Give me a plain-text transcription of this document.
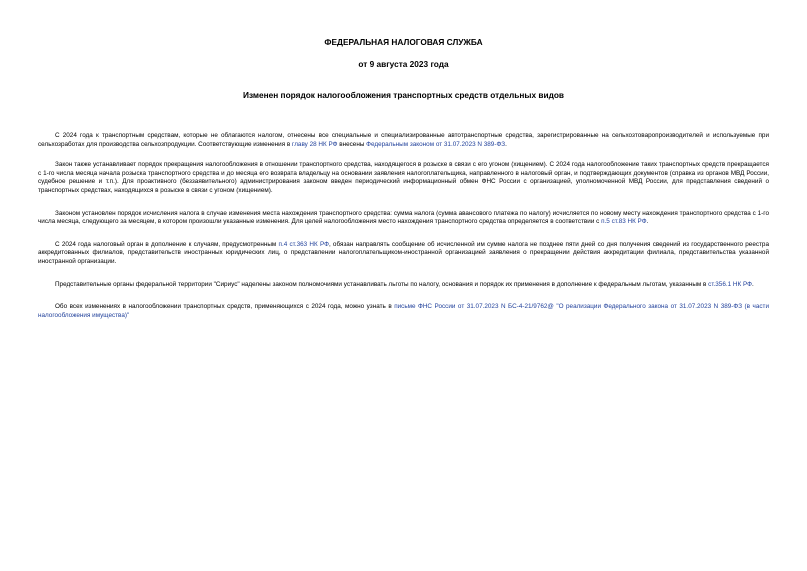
ФЕДЕРАЛЬНАЯ НАЛОГОВАЯ СЛУЖБА
от 9 августа 2023 года
Изменен порядок налогообложения транспортных средств отдельных видов

С 2024 года к транспортным средствам, которые не облагаются налогом, отнесены все специальные и специализированные автотранспортные средства, зарегистрированные на сельхозтоваропроизводителей и используемые при сельхозработах для производства сельхозпродукции. Соответствующие изменения в главу 28 НК РФ внесены Федеральным законом от 31.07.2023 N 389-ФЗ.

Закон также устанавливает порядок прекращения налогообложения в отношении транспортного средства, находящегося в розыске в связи с его угоном (хищением). С 2024 года налогообложение таких транспортных средств прекращается с 1-го числа месяца начала розыска транспортного средства и до месяца его возврата владельцу на основании заявления налогоплательщика, направленного в налоговый орган, и подтверждающих документов (справка из органов МВД России, судебное решение и т.п.). Для проактивного (беззаявительного) администрирования законом введен периодический информационный обмен ФНС России с организацией, уполномоченной МВД России, для представления сведений о транспортных средствах, находящихся в розыске в связи с угоном (хищением).

Законом установлен порядок исчисления налога в случае изменения места нахождения транспортного средства: сумма налога (сумма авансового платежа по налогу) исчисляется по новому месту нахождения транспортного средства с 1-го числа месяца, следующего за месяцем, в котором произошли указанные изменения. Для целей налогообложения место нахождения транспортного средства определяется в соответствии с п.5 ст.83 НК РФ.

С 2024 года налоговый орган в дополнение к случаям, предусмотренным п.4 ст.363 НК РФ, обязан направлять сообщение об исчисленной им сумме налога не позднее пяти дней со дня получения сведений из государственного реестра аккредитованных филиалов, представительств иностранных юридических лиц, о представлении налогоплательщиком-иностранной организацией заявления о прекращении действия аккредитации филиала, представительства указанной иностранной организации.

Представительные органы федеральной территории "Сириус" наделены законом полномочиями устанавливать льготы по налогу, основания и порядок их применения в дополнение к федеральным льготам, указанным в ст.356.1 НК РФ.

Обо всех изменениях в налогообложении транспортных средств, применяющихся с 2024 года, можно узнать в письме ФНС России от 31.07.2023 N БС-4-21/9762@ "О реализации Федерального закона от 31.07.2023 N 389-ФЗ (в части налогообложения имущества)"
